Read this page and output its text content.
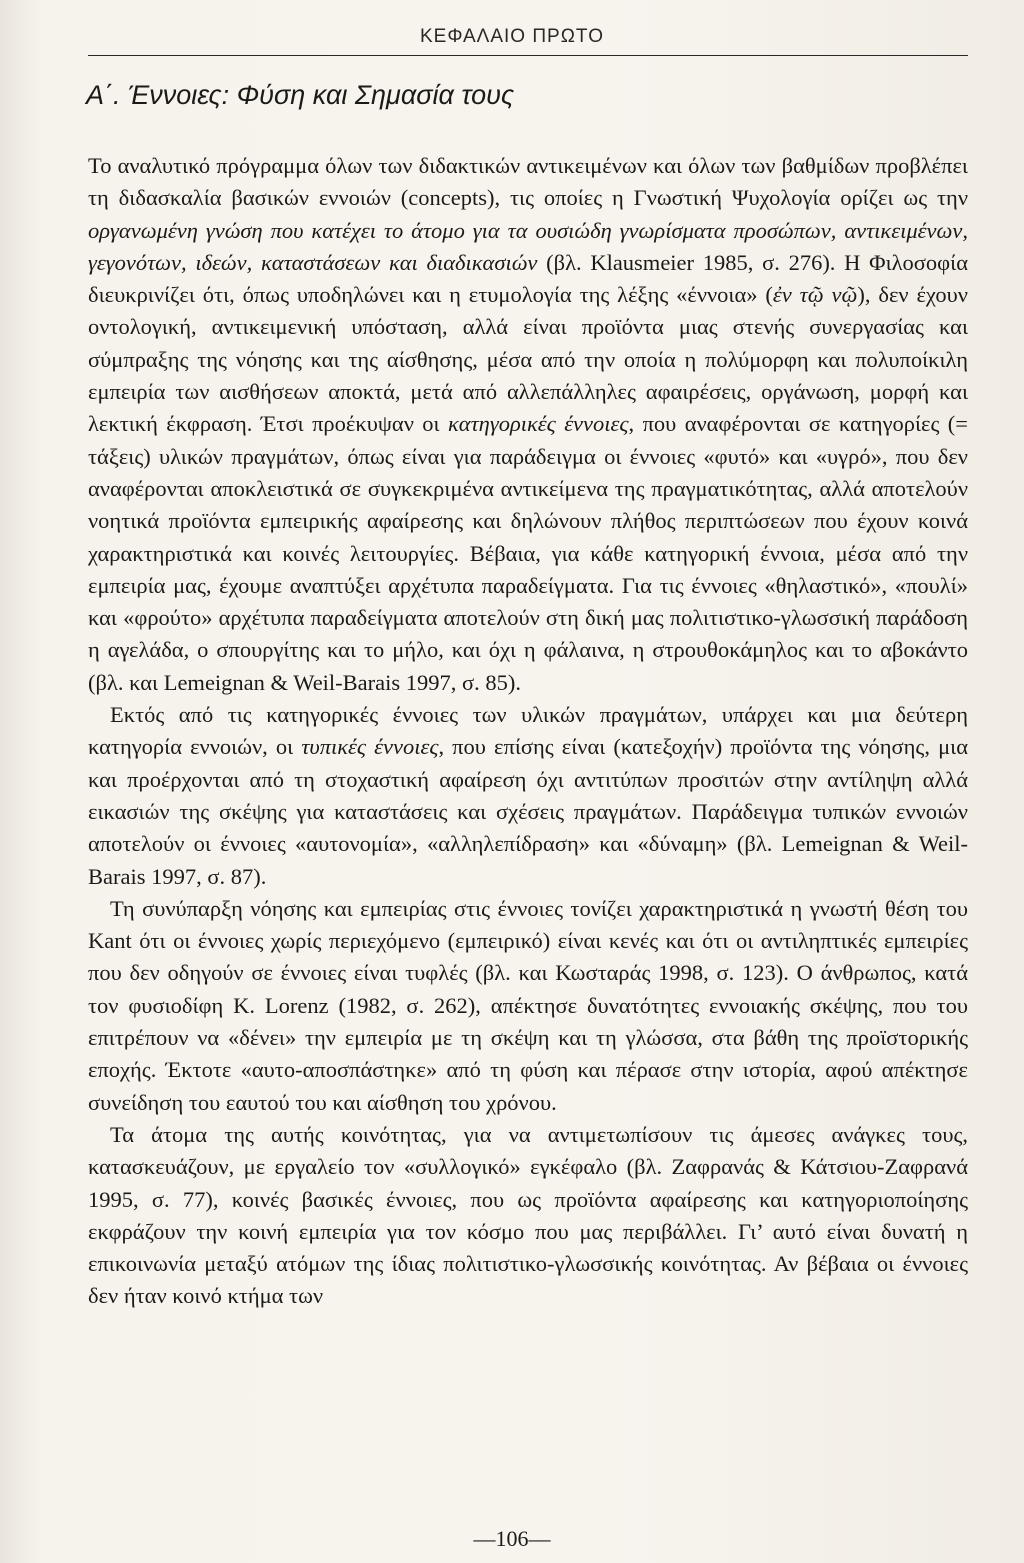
ΚΕΦΑΛΑΙΟ ΠΡΩΤΟ
Α΄. Έννοιες: Φύση και Σημασία τους

Το αναλυτικό πρόγραμμα όλων των διδακτικών αντικειμένων και όλων των βαθμίδων προβλέπει τη διδασκαλία βασικών εννοιών (concepts), τις οποίες η Γνωστική Ψυχολογία ορίζει ως την οργανωμένη γνώση που κατέχει το άτομο για τα ουσιώδη γνωρίσματα προσώπων, αντικειμένων, γεγονότων, ιδεών, καταστάσεων και διαδικασιών (βλ. Klausmeier 1985, σ. 276). Η Φιλοσοφία διευκρινίζει ότι, όπως υποδηλώνει και η ετυμολογία της λέξης «έννοια» (ἐν τῷ νῷ), δεν έχουν οντολογική, αντικειμενική υπόσταση, αλλά είναι προϊόντα μιας στενής συνεργασίας και σύμπραξης της νόησης και της αίσθησης, μέσα από την οποία η πολύμορφη και πολυποίκιλη εμπειρία των αισθήσεων αποκτά, μετά από αλλεπάλληλες αφαιρέσεις, οργάνωση, μορφή και λεκτική έκφραση. Έτσι προέκυψαν οι κατηγορικές έννοιες, που αναφέρονται σε κατηγορίες (= τάξεις) υλικών πραγμάτων, όπως είναι για παράδειγμα οι έννοιες «φυτό» και «υγρό», που δεν αναφέρονται αποκλειστικά σε συγκεκριμένα αντικείμενα της πραγματικότητας, αλλά αποτελούν νοητικά προϊόντα εμπειρικής αφαίρεσης και δηλώνουν πλήθος περιπτώσεων που έχουν κοινά χαρακτηριστικά και κοινές λειτουργίες. Βέβαια, για κάθε κατηγορική έννοια, μέσα από την εμπειρία μας, έχουμε αναπτύξει αρχέτυπα παραδείγματα. Για τις έννοιες «θηλαστικό», «πουλί» και «φρούτο» αρχέτυπα παραδείγματα αποτελούν στη δική μας πολιτιστικο-γλωσσική παράδοση η αγελάδα, ο σπουργίτης και το μήλο, και όχι η φάλαινα, η στρουθοκάμηλος και το αβοκάντο (βλ. και Lemeignan & Weil-Barais 1997, σ. 85).

Εκτός από τις κατηγορικές έννοιες των υλικών πραγμάτων, υπάρχει και μια δεύτερη κατηγορία εννοιών, οι τυπικές έννοιες, που επίσης είναι (κατεξοχήν) προϊόντα της νόησης, μια και προέρχονται από τη στοχαστική αφαίρεση όχι αντιτύπων προσιτών στην αντίληψη αλλά εικασιών της σκέψης για καταστάσεις και σχέσεις πραγμάτων. Παράδειγμα τυπικών εννοιών αποτελούν οι έννοιες «αυτονομία», «αλληλεπίδραση» και «δύναμη» (βλ. Lemeignan & Weil-Barais 1997, σ. 87).

Τη συνύπαρξη νόησης και εμπειρίας στις έννοιες τονίζει χαρακτηριστικά η γνωστή θέση του Kant ότι οι έννοιες χωρίς περιεχόμενο (εμπειρικό) είναι κενές και ότι οι αντιληπτικές εμπειρίες που δεν οδηγούν σε έννοιες είναι τυφλές (βλ. και Κωσταράς 1998, σ. 123). Ο άνθρωπος, κατά τον φυσιοδίφη K. Lorenz (1982, σ. 262), απέκτησε δυνατότητες εννοιακής σκέψης, που του επιτρέπουν να «δένει» την εμπειρία με τη σκέψη και τη γλώσσα, στα βάθη της προϊστορικής εποχής. Έκτοτε «αυτο-αποσπάστηκε» από τη φύση και πέρασε στην ιστορία, αφού απέκτησε συνείδηση του εαυτού του και αίσθηση του χρόνου.

Τα άτομα της αυτής κοινότητας, για να αντιμετωπίσουν τις άμεσες ανάγκες τους, κατασκευάζουν, με εργαλείο τον «συλλογικό» εγκέφαλο (βλ. Ζαφρανάς & Κάτσιου-Ζαφρανά 1995, σ. 77), κοινές βασικές έννοιες, που ως προϊόντα αφαίρεσης και κατηγοριοποίησης εκφράζουν την κοινή εμπειρία για τον κόσμο που μας περιβάλλει. Γι’ αυτό είναι δυνατή η επικοινωνία μεταξύ ατόμων της ίδιας πολιτιστικο-γλωσσικής κοινότητας. Αν βέβαια οι έννοιες δεν ήταν κοινό κτήμα των

—106—
